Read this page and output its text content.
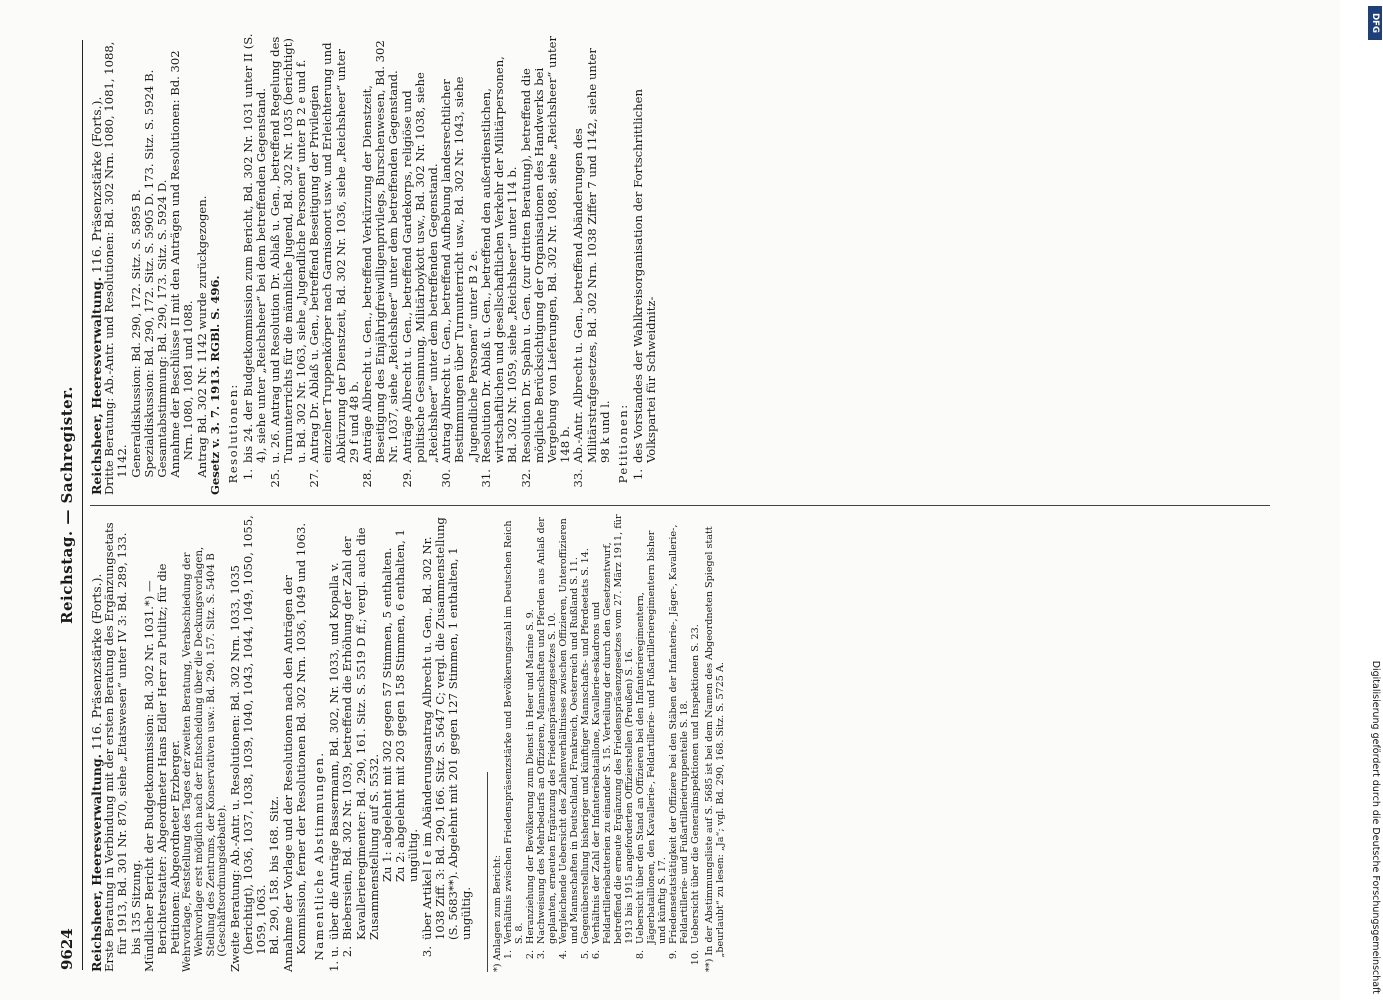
9624
Reichstag. — Sachregister.

Reichsheer, Heeresverwaltung. 116. Präsenzstärke (Forts.).

Erste Beratung in Verbindung mit der ersten Beratung des Ergänzungsetats für 1913, Bd. 301 Nr. 870, siehe „Etatswesen“ unter IV 3: Bd. 289, 133. bis 135 Sitzung. Mündlicher Bericht der Budgetkommission: Bd. 302 Nr. 1031.*) — Berichterstatter: Abgeordneter Hans Edler Herr zu Putlitz; für die Petitionen: Abgeordneter Erzberger. Wehrvorlage, Feststellung des Tages der zweiten Beratung, Verabschiedung der Wehrvorlage erst möglich nach der Entscheidung über die Deckungsvorlagen, Stellung des Zentrums, der Konservativen usw.: Bd. 290. 157. Sitz. S. 5404 B (Geschäftsordnungsdebatte). Zweite Beratung: Ab.-Antr. u. Resolutionen: Bd. 302 Nrn. 1033, 1035 (berichtigt), 1036, 1037, 1038, 1039, 1040, 1043, 1044, 1049, 1050, 1055, 1059, 1063. Bd. 290, 158. bis 168. Sitz. Annahme der Vorlage und der Resolutionen nach den Anträgen der Kommission, ferner der Resolutionen Bd. 302 Nrn. 1036, 1049 und 1063. Namentliche Abstimmungen. 1. u. 2.
über die Anträge Bassermann, Bd. 302, Nr. 1033, und Kopalla v. Biebersiein, Bd. 302 Nr. 1039, betreffend die Erhöhung der Zahl der Kavallerieregimenter: Bd. 290, 161. Sitz. S. 5519 D ff.; vergl. auch die Zusammenstellung auf S. 5532. Zu 1: abgelehnt mit 302 gegen 57 Stimmen, 5 enthalten. Zu 2: abgelehnt mit 203 gegen 158 Stimmen, 6 enthalten, 1 ungültig.
3.
über Artikel I e im Abänderungsantrag Albrecht u. Gen., Bd. 302 Nr. 1038 Ziff. 3: Bd. 290, 166. Sitz. S. 5647 C; vergl. die Zusammenstellung (S. 5683**). Abgelehnt mit 201 gegen 127 Stimmen, 1 enthalten, 1 ungültig. *) Anlagen zum Bericht: 1.
Verhältnis zwischen Friedenspräsenzstärke und Bevölkerungszahl im Deutschen Reich S. 8.
2.
Heranziehung der Bevölkerung zum Dienst in Heer und Marine S. 9.
3.
Nachweisung des Mehrbedarfs an Offizieren, Mannschaften und Pferden aus Anlaß der geplanten, erneuten Ergänzung des Friedenspräsenzgesetzes S. 10.
4.
Vergleichende Uebersicht des Zahlenverhältnisses zwischen Offizieren, Unteroffizieren und Mannschaften in Deutschland, Frankreich, Oesterreich und Rußland S. 11.
5.
Gegenüberstellung bisheriger und künftiger Mannschafts- und Pferdeetats S. 14.
6.
Verhältnis der Zahl der Infanteriebataillone, Kavallerie-eskadrons und Feldartilleriebatterien zu einander S. 15. Verteilung der durch den Gesetzentwurf, betreffend die erneute Ergänzung des Friedenspräsenzgesetzes vom 27. März 1911, für 1913 bis 1915 angeforderten Offizierstellen (Preußen) S. 16.
8.
Uebersicht über den Stand an Offizieren bei den Infanterieregimentern, Jägerbataillonen, den Kavallerie-, Feldartillerie- und Fußartillerieregimentern bisher und künftig S. 17.
9.
Friedensetatstätigkeit der Offiziere bei den Stäben der Infanterie-, Jäger-, Kavallerie-, Feldartillerie- und Fußartillerietruppenteile S. 18.
10.
Uebersicht über die Generalinspektionen und Inspektionen S. 23. **) In der Abstimmungsliste auf S. 5685 ist bei dem Namen des Abgeordneten Spiegel statt „beurlaubt“ zu lesen: „Ja“; vgl. Bd. 290, 168. Sitz. S. 5725 A.

Reichsheer, Heeresverwaltung. 116. Präsenzstärke (Forts.).

Dritte Beratung: Ab.-Antr. und Resolutionen: Bd. 302 Nrn. 1080, 1081, 1088, 1142. Generaldiskussion: Bd. 290, 172. Sitz. S. 5895 B. Spezialdiskussion: Bd. 290, 172. Sitz. S. 5905 D. 173. Sitz. S. 5924 B. Gesamtabstimmung: Bd. 290, 173. Sitz. S. 5924 D. Annahme der Beschlüsse II mit den Anträgen und Resolutionen: Bd. 302 Nrn. 1080, 1081 und 1088. Antrag Bd. 302 Nr. 1142 wurde zurückgezogen. Gesetz v. 3. 7. 1913. RGBl. S. 496. Resolutionen: 1.
bis 24. der Budgetkommission zum Bericht, Bd. 302 Nr. 1031 unter II (S. 4), siehe unter „Reichsheer“ bei dem betreffenden Gegenstand.
25.
u. 26. Antrag und Resolution Dr. Ablaß u. Gen., betreffend Regelung des Turnunterrichts für die männliche Jugend, Bd. 302 Nr. 1035 (berichtigt) u. Bd. 302 Nr. 1063, siehe „Jugendliche Personen“ unter B 2 e und f.
27.
Antrag Dr. Ablaß u. Gen., betreffend Beseitigung der Privilegien einzelner Truppenkörper nach Garnisonort usw. und Erleichterung und Abkürzung der Dienstzeit, Bd. 302 Nr. 1036, siehe „Reichsheer“ unter 29 f und 48 b.
28.
Anträge Albrecht u. Gen., betreffend Verkürzung der Dienstzeit, Beseitigung des Einjährigfreiwilligenprivilegs, Burschenwesen, Bd. 302 Nr. 1037, siehe „Reichsheer“ unter dem betreffenden Gegenstand.
29.
Anträge Albrecht u. Gen., betreffend Gardekorps, religiöse und politische Gesinnung, Militärboykott usw., Bd. 302 Nr. 1038, siehe „Reichsheer“ unter dem betreffenden Gegenstand.
30.
Antrag Albrecht u. Gen., betreffend Aufhebung landesrechtlicher Bestimmungen über Turnunterricht usw., Bd. 302 Nr. 1043, siehe „Jugendliche Personen“ unter B 2 e.
31.
Resolution Dr. Ablaß u. Gen., betreffend den außerdienstlichen, wirtschaftlichen und gesellschaftlichen Verkehr der Militärpersonen, Bd. 302 Nr. 1059, siehe „Reichsheer“ unter 114 b.
32.
Resolution Dr. Spahn u. Gen. (zur dritten Beratung), betreffend die mögliche Berücksichtigung der Organisationen des Handwerks bei Vergebung von Lieferungen, Bd. 302 Nr. 1088, siehe „Reichsheer“ unter 148 b.
33.
Ab.-Antr. Albrecht u. Gen., betreffend Abänderungen des Militärstrafgesetzes, Bd. 302 Nrn. 1038 Ziffer 7 und 1142, siehe unter 98 k und l. Petitionen: 1.
des Vorstandes der Wahlkreisorganisation der Fortschrittlichen Volkspartei für Schweidnitz-
Digitalisierung gefördert durch die Deutsche Forschungsgemeinschaft
DFG
